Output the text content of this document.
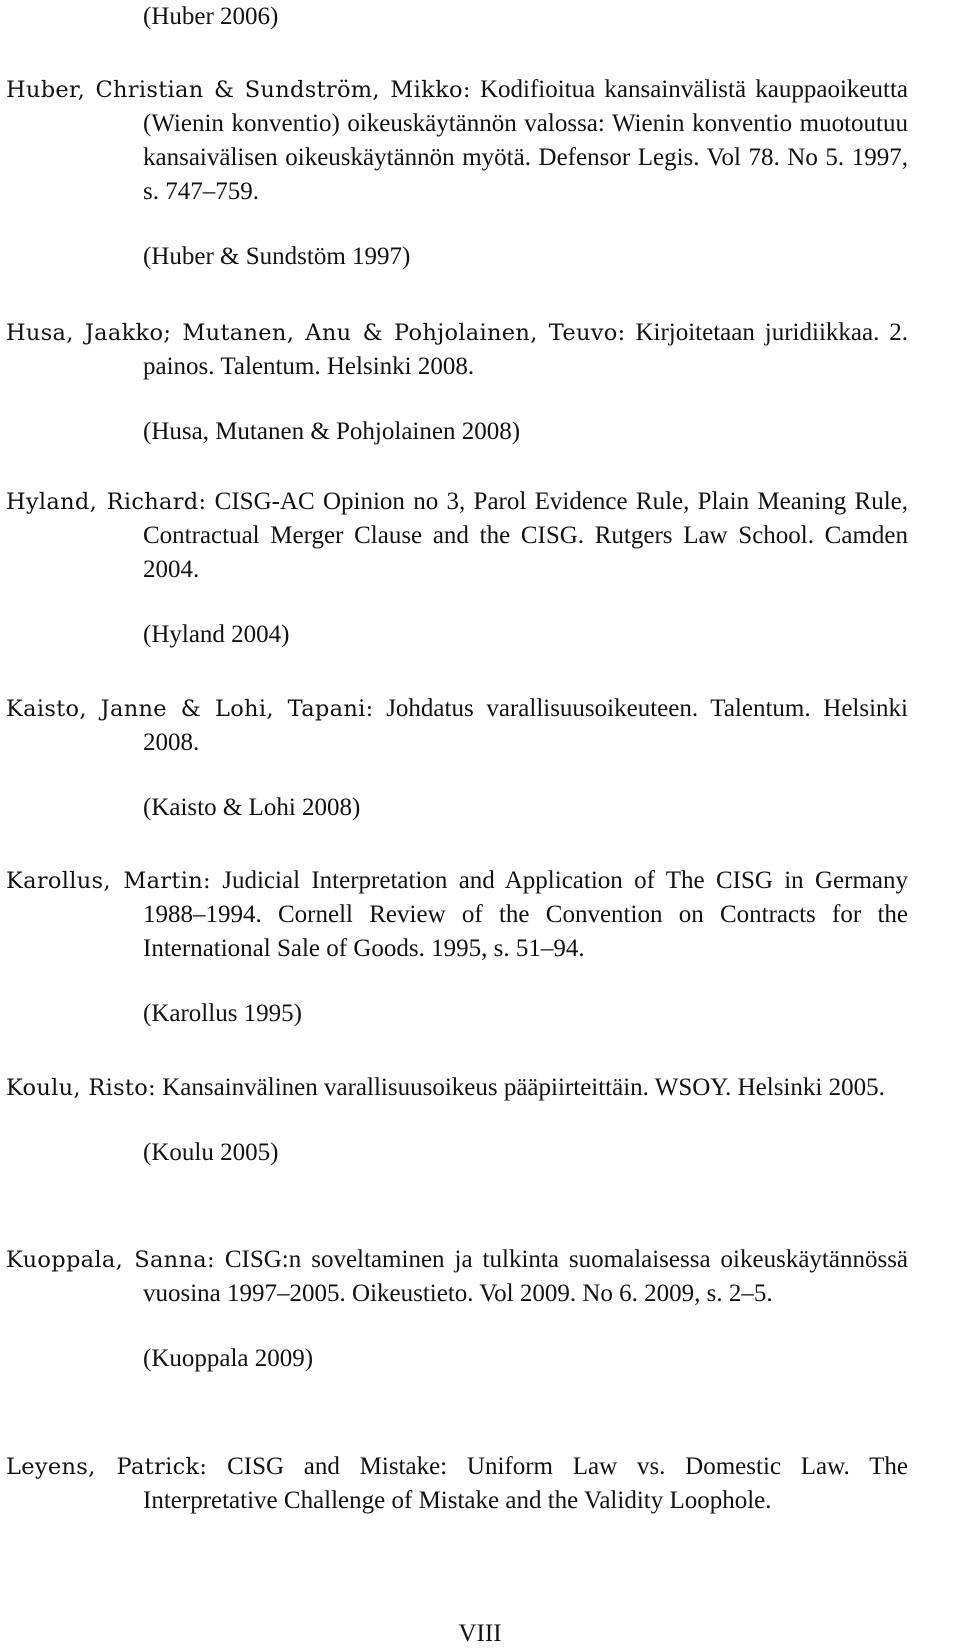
(Huber 2006)

Huber, Christian & Sundström, Mikko: Kodifioitua kansainvälistä kauppaoikeutta (Wienin konventio) oikeuskäytännön valossa: Wienin konventio muotoutuu kansaivälisen oikeuskäytännön myötä. Defensor Legis. Vol 78. No 5. 1997, s. 747–759.

(Huber & Sundstöm 1997)

Husa, Jaakko; Mutanen, Anu & Pohjolainen, Teuvo: Kirjoitetaan juridiikkaa. 2. painos. Talentum. Helsinki 2008.

(Husa, Mutanen & Pohjolainen 2008)

Hyland, Richard: CISG-AC Opinion no 3, Parol Evidence Rule, Plain Meaning Rule, Contractual Merger Clause and the CISG. Rutgers Law School. Camden 2004.

(Hyland 2004)

Kaisto, Janne & Lohi, Tapani: Johdatus varallisuusoikeuteen. Talentum. Helsinki 2008.

(Kaisto & Lohi 2008)

Karollus, Martin: Judicial Interpretation and Application of The CISG in Germany 1988–1994. Cornell Review of the Convention on Contracts for the International Sale of Goods. 1995, s. 51–94.

(Karollus 1995)

Koulu, Risto: Kansainvälinen varallisuusoikeus pääpiirteittäin. WSOY. Helsinki 2005.

(Koulu 2005)

Kuoppala, Sanna: CISG:n soveltaminen ja tulkinta suomalaisessa oikeuskäytännössä vuosina 1997–2005. Oikeustieto. Vol 2009. No 6. 2009, s. 2–5.

(Kuoppala 2009)

Leyens, Patrick: CISG and Mistake: Uniform Law vs. Domestic Law. The Interpretative Challenge of Mistake and the Validity Loophole.

VIII
